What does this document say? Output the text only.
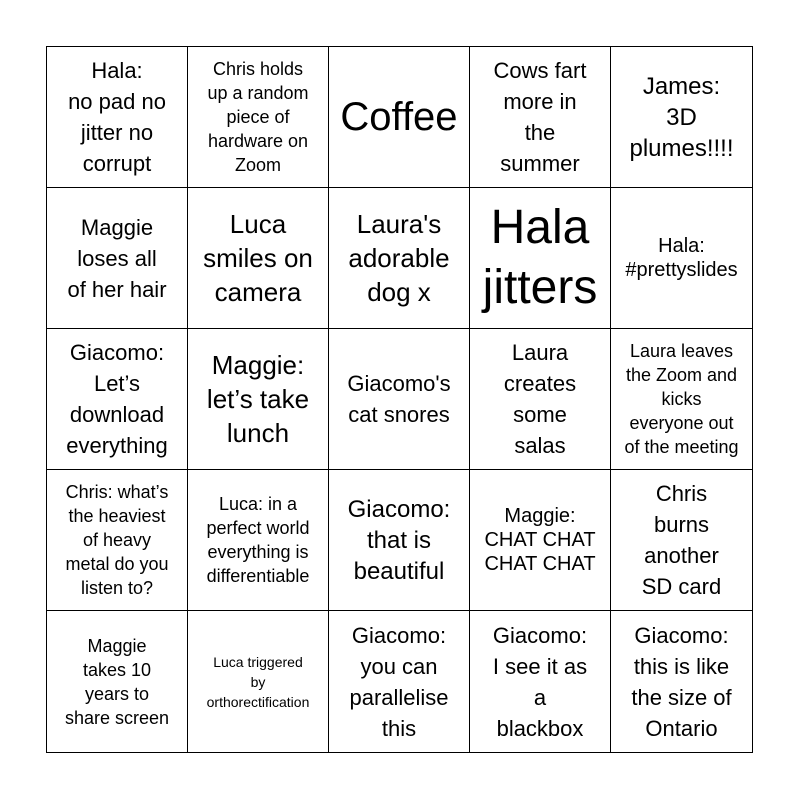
Hala:
no pad no
jitter no
corrupt
Chris holds
up a random
piece of
hardware on
Zoom
Coffee
Cows fart
more in
the
summer
James:
3D
plumes!!!!
Maggie
loses all
of her hair
Luca
smiles on
camera
Laura's
adorable
dog x
Hala
jitters
Hala:
#prettyslides
Giacomo:
Let’s
download
everything
Maggie:
let’s take
lunch
Giacomo's
cat snores
Laura
creates
some
salas
Laura leaves
the Zoom and
kicks
everyone out
of the meeting
Chris: what’s
the heaviest
of heavy
metal do you
listen to?
Luca: in a
perfect world
everything is
differentiable
Giacomo:
that is
beautiful
Maggie:
CHAT CHAT
CHAT CHAT
Chris
burns
another
SD card
Maggie
takes 10
years to
share screen
Luca triggered
by
orthorectification
Giacomo:
you can
parallelise
this
Giacomo:
I see it as
a
blackbox
Giacomo:
this is like
the size of
Ontario
